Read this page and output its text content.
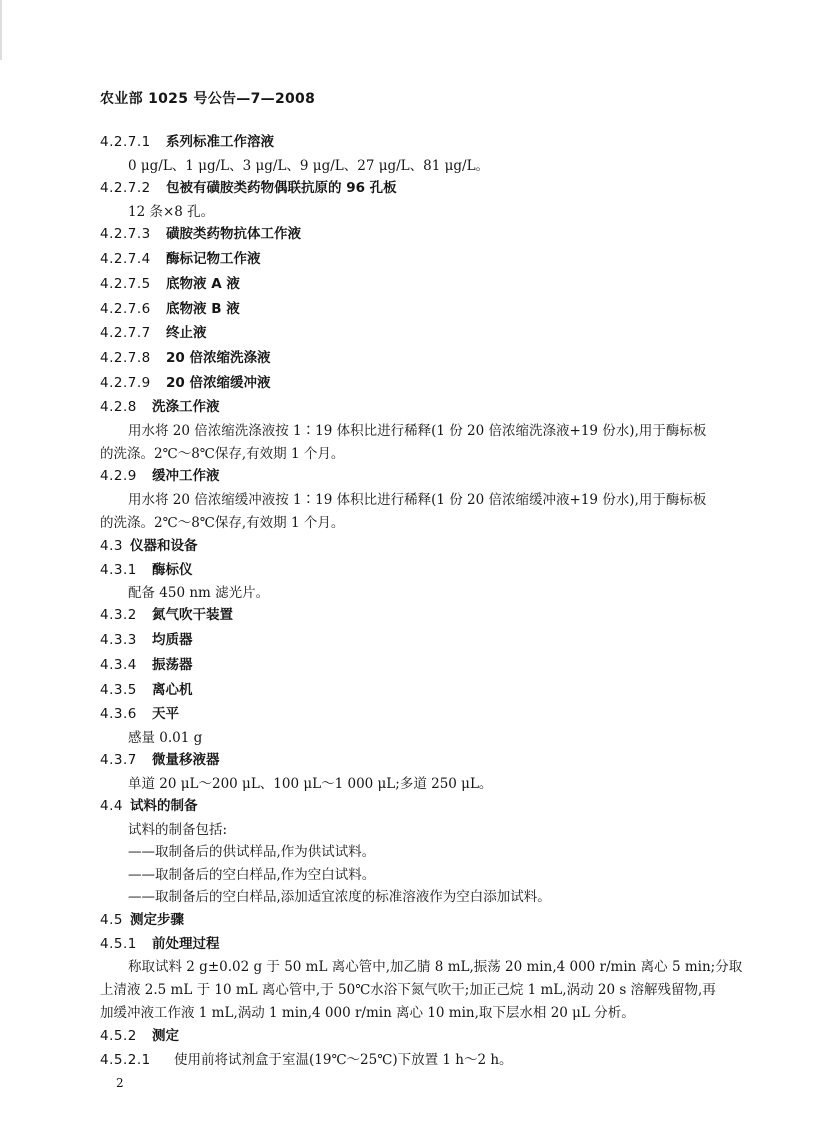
农业部 1025 号公告—7—2008
4.2.7.1 系列标准工作溶液
0 μg/L、1 μg/L、3 μg/L、9 μg/L、27 μg/L、81 μg/L。
4.2.7.2 包被有磺胺类药物偶联抗原的 96 孔板
12 条×8 孔。
4.2.7.3 磺胺类药物抗体工作液
4.2.7.4 酶标记物工作液
4.2.7.5 底物液 A 液
4.2.7.6 底物液 B 液
4.2.7.7 终止液
4.2.7.8 20 倍浓缩洗涤液
4.2.7.9 20 倍浓缩缓冲液
4.2.8 洗涤工作液
用水将 20 倍浓缩洗涤液按 1∶19 体积比进行稀释(1 份 20 倍浓缩洗涤液+19 份水),用于酶标板
的洗涤。2℃～8℃保存,有效期 1 个月。
4.2.9 缓冲工作液
用水将 20 倍浓缩缓冲液按 1∶19 体积比进行稀释(1 份 20 倍浓缩缓冲液+19 份水),用于酶标板
的洗涤。2℃～8℃保存,有效期 1 个月。
4.3 仪器和设备
4.3.1 酶标仪
配备 450 nm 滤光片。
4.3.2 氮气吹干装置
4.3.3 均质器
4.3.4 振荡器
4.3.5 离心机
4.3.6 天平
感量 0.01 g
4.3.7 微量移液器
单道 20 μL～200 μL、100 μL～1 000 μL;多道 250 μL。
4.4 试料的制备
试料的制备包括:
——取制备后的供试样品,作为供试试料。
——取制备后的空白样品,作为空白试料。
——取制备后的空白样品,添加适宜浓度的标准溶液作为空白添加试料。
4.5 测定步骤
4.5.1 前处理过程
称取试料 2 g±0.02 g 于 50 mL 离心管中,加乙腈 8 mL,振荡 20 min,4 000 r/min 离心 5 min;分取
上清液 2.5 mL 于 10 mL 离心管中,于 50℃水浴下氮气吹干;加正己烷 1 mL,涡动 20 s 溶解残留物,再
加缓冲液工作液 1 mL,涡动 1 min,4 000 r/min 离心 10 min,取下层水相 20 μL 分析。
4.5.2 测定
4.5.2.1 使用前将试剂盒于室温(19℃～25℃)下放置 1 h～2 h。
2
